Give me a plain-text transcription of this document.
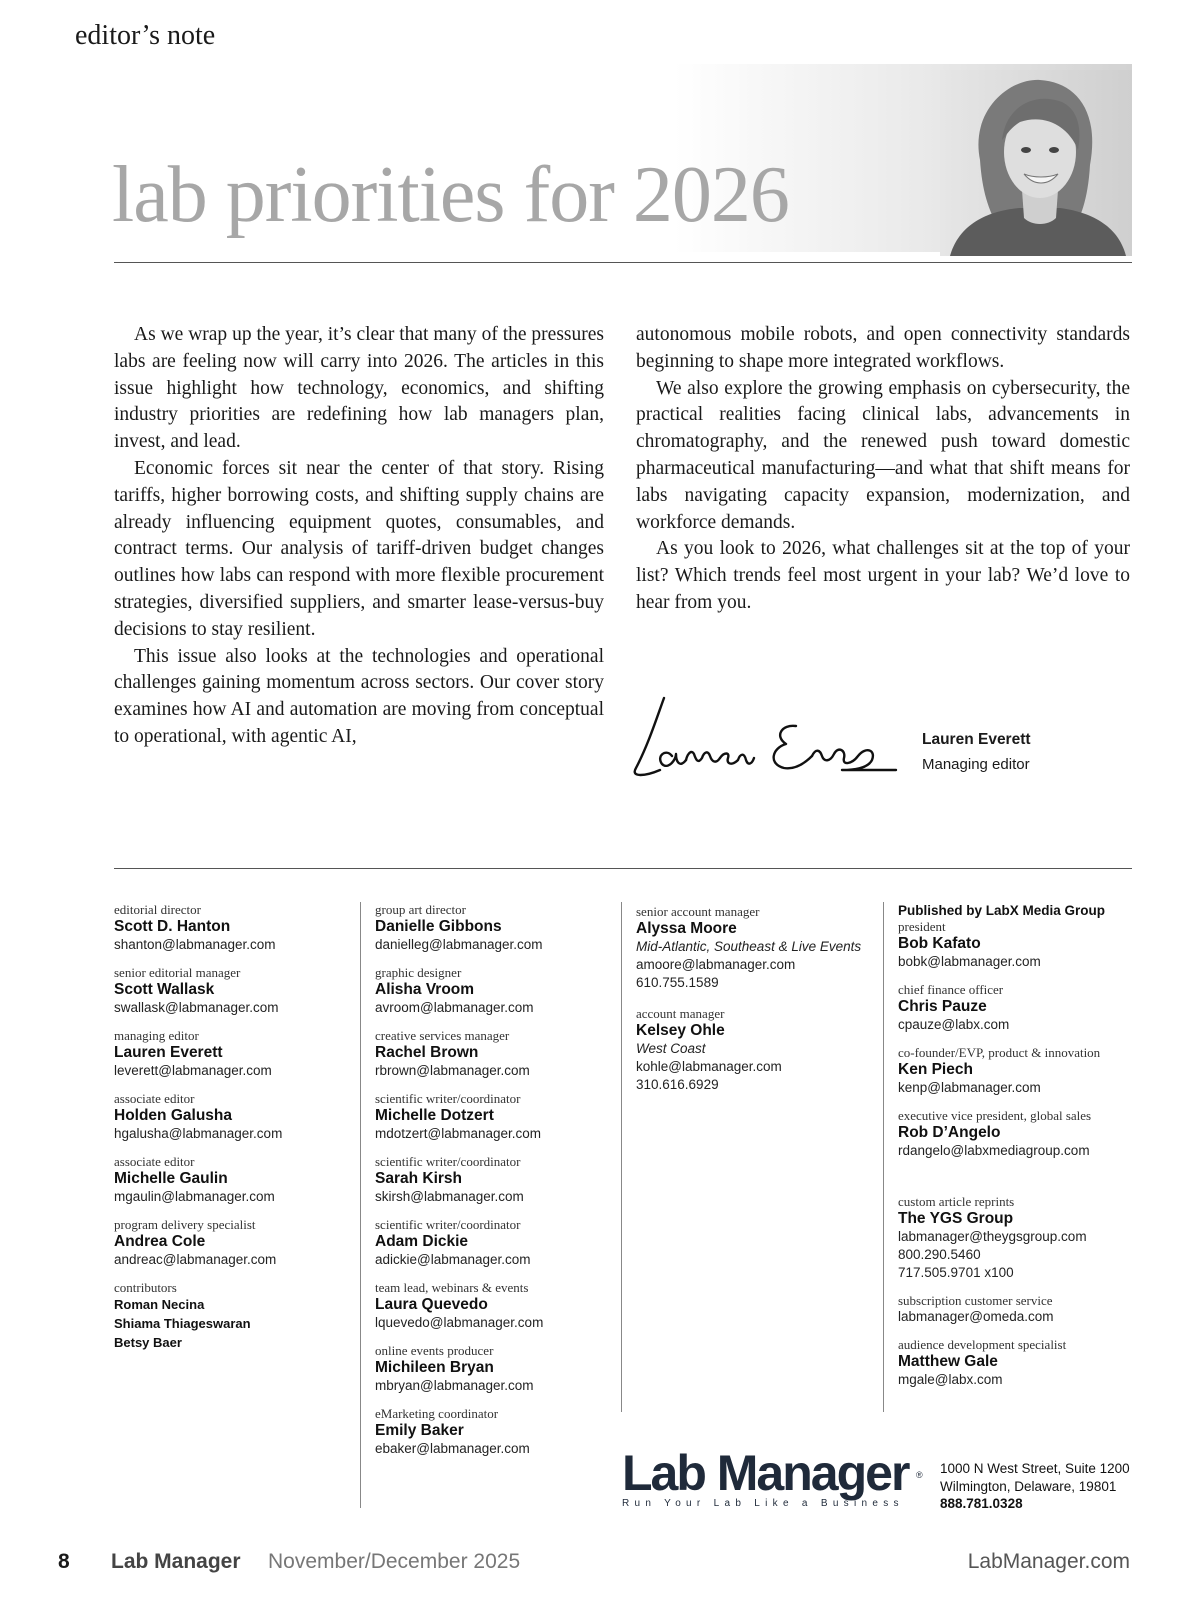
editor’s note
lab priorities for 2026

As we wrap up the year, it’s clear that many of the pressures labs are feeling now will carry into 2026. The articles in this issue highlight how technology, economics, and shifting industry priorities are redefining how lab managers plan, invest, and lead.

Economic forces sit near the center of that story. Rising tariffs, higher borrowing costs, and shifting supply chains are already influencing equipment quotes, consumables, and contract terms. Our analysis of tariff-driven budget changes outlines how labs can respond with more flexible procurement strategies, diversified suppliers, and smarter lease-versus-buy decisions to stay resilient.

This issue also looks at the technologies and operational challenges gaining momentum across sectors. Our cover story examines how AI and automation are moving from conceptual to operational, with agentic AI,

autonomous mobile robots, and open connectivity standards beginning to shape more integrated workflows.

We also explore the growing emphasis on cybersecurity, the practical realities facing clinical labs, advancements in chromatography, and the renewed push toward domestic pharmaceutical manufacturing—and what that shift means for labs navigating capacity expansion, modernization, and workforce demands.

As you look to 2026, what challenges sit at the top of your list? Which trends feel most urgent in your lab? We’d love to hear from you.

Lauren Everett
Managing editor
editorial director
Scott D. Hanton
shanton@labmanager.com
senior editorial manager
Scott Wallask
swallask@labmanager.com
managing editor
Lauren Everett
leverett@labmanager.com
associate editor
Holden Galusha
hgalusha@labmanager.com
associate editor
Michelle Gaulin
mgaulin@labmanager.com
program delivery specialist
Andrea Cole
andreac@labmanager.com
contributors
Roman Necina
Shiama Thiageswaran
Betsy Baer
group art director
Danielle Gibbons
danielleg@labmanager.com
graphic designer
Alisha Vroom
avroom@labmanager.com
creative services manager
Rachel Brown
rbrown@labmanager.com
scientific writer/coordinator
Michelle Dotzert
mdotzert@labmanager.com
scientific writer/coordinator
Sarah Kirsh
skirsh@labmanager.com
scientific writer/coordinator
Adam Dickie
adickie@labmanager.com
team lead, webinars & events
Laura Quevedo
lquevedo@labmanager.com
online events producer
Michileen Bryan
mbryan@labmanager.com
eMarketing coordinator
Emily Baker
ebaker@labmanager.com
senior account manager
Alyssa Moore
Mid-Atlantic, Southeast & Live Events
amoore@labmanager.com
610.755.1589
account manager
Kelsey Ohle
West Coast
kohle@labmanager.com
310.616.6929
Published by LabX Media Group
president
Bob Kafato
bobk@labmanager.com
chief finance officer
Chris Pauze
cpauze@labx.com
co-founder/EVP, product & innovation
Ken Piech
kenp@labmanager.com
executive vice president, global sales
Rob D’Angelo
rdangelo@labxmediagroup.com
custom article reprints
The YGS Group
labmanager@theygsgroup.com
800.290.5460
717.505.9701 x100
subscription customer service
labmanager@omeda.com
audience development specialist
Matthew Gale
mgale@labx.com
Lab Manager ®
Run Your Lab Like a Business
1000 N West Street, Suite 1200
Wilmington, Delaware, 19801
888.781.0328
8 Lab Manager November/December 2025	LabManager.com
